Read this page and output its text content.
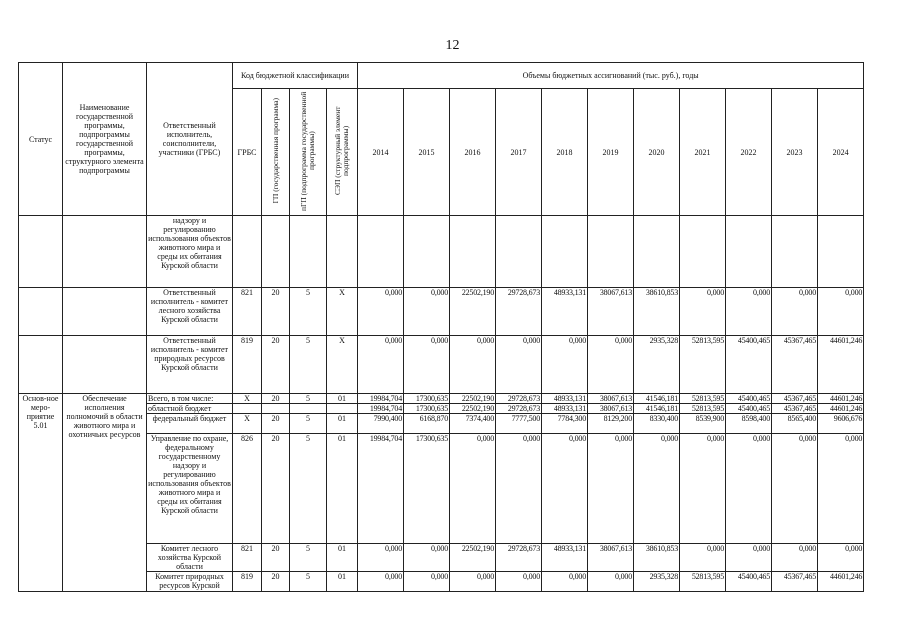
12
Статус	Наименование государственной программы, подпрограммы государственной программы, структурного элемента подпрограммы	Ответственный исполнитель, соисполнители, участники (ГРБС)	Код бюджетной классификации				Объемы бюджетных ассигнований (тыс. руб.), годы										
			ГРБС	ГП (государственная программа)	пГП (подпрограмма государственной программы)	СЭП (структурный элемент подпрограммы)	2014	2015	2016	2017	2018	2019	2020	2021	2022	2023	2024
		надзору и регулированию использования объектов животного мира и среды их обитания Курской области															
		Ответственный исполнитель - комитет лесного хозяйства Курской области	821	20	5	Х	0,000	0,000	22502,190	29728,673	48933,131	38067,613	38610,853	0,000	0,000	0,000	0,000
		Ответственный исполнитель - комитет природных ресурсов Курской области	819	20	5	Х	0,000	0,000	0,000	0,000	0,000	0,000	2935,328	52813,595	45400,465	45367,465	44601,246
Основ-ное меро-приятие 5.01	Обеспечение исполнения полномочий в области животного мира и охотничьих ресурсов	Всего, в том числе:	Х	20	5	01	19984,704	17300,635	22502,190	29728,673	48933,131	38067,613	41546,181	52813,595	45400,465	45367,465	44601,246
		областной бюджет					19984,704	17300,635	22502,190	29728,673	48933,131	38067,613	41546,181	52813,595	45400,465	45367,465	44601,246
		федеральный бюджет	Х	20	5	01	7990,400	6168,870	7374,400	7777,500	7784,300	8129,200	8330,400	8539,900	8598,400	8565,400	9606,676
		Управление по охране, федеральному государственному надзору и регулированию использования объектов животного мира и среды их обитания Курской области	826	20	5	01	19984,704	17300,635	0,000	0,000	0,000	0,000	0,000	0,000	0,000	0,000	0,000
		Комитет лесного хозяйства Курской области	821	20	5	01	0,000	0,000	22502,190	29728,673	48933,131	38067,613	38610,853	0,000	0,000	0,000	0,000
		Комитет природных ресурсов Курской	819	20	5	01	0,000	0,000	0,000	0,000	0,000	0,000	2935,328	52813,595	45400,465	45367,465	44601,246
